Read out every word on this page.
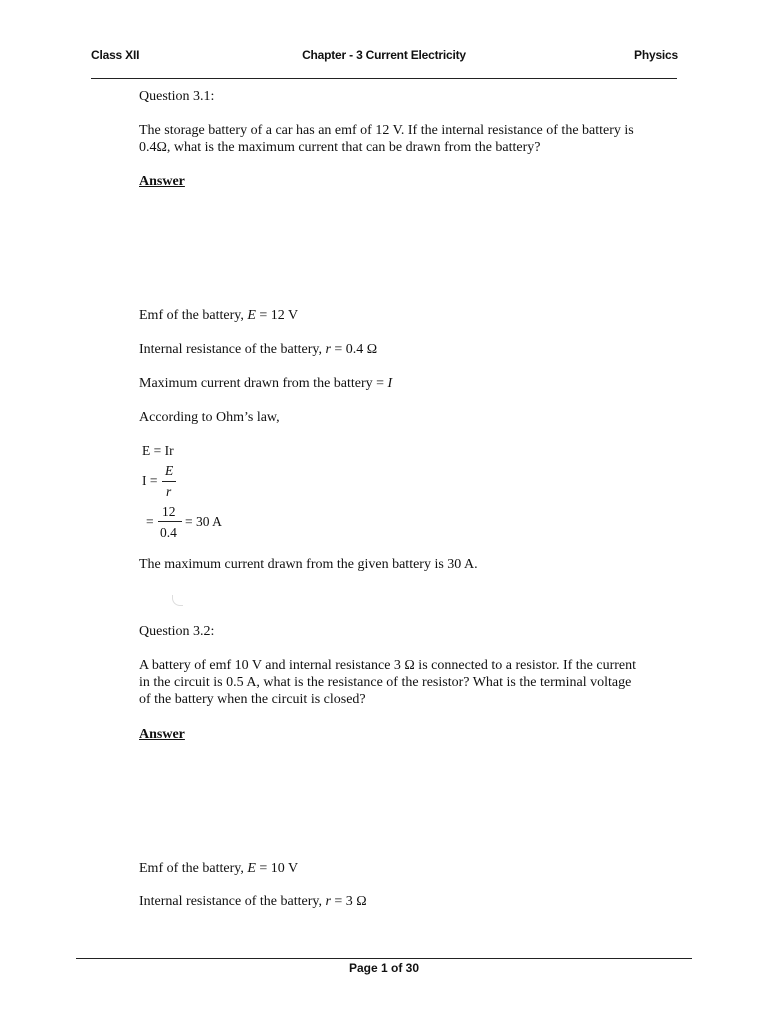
Class XII	Chapter - 3 Current Electricity	Physics
Question 3.1:
The storage battery of a car has an emf of 12 V. If the internal resistance of the battery is
0.4Ω, what is the maximum current that can be drawn from the battery?
Answer
Emf of the battery, E = 12 V
Internal resistance of the battery, r = 0.4 Ω
Maximum current drawn from the battery = I
According to Ohm’s law,
E = Ir
I =
E
r
=
12
0.4
= 30 A
The maximum current drawn from the given battery is 30 A.
Question 3.2:
A battery of emf 10 V and internal resistance 3 Ω is connected to a resistor. If the current
in the circuit is 0.5 A, what is the resistance of the resistor? What is the terminal voltage
of the battery when the circuit is closed?
Answer
Emf of the battery, E = 10 V
Internal resistance of the battery, r = 3 Ω
Page 1 of 30
